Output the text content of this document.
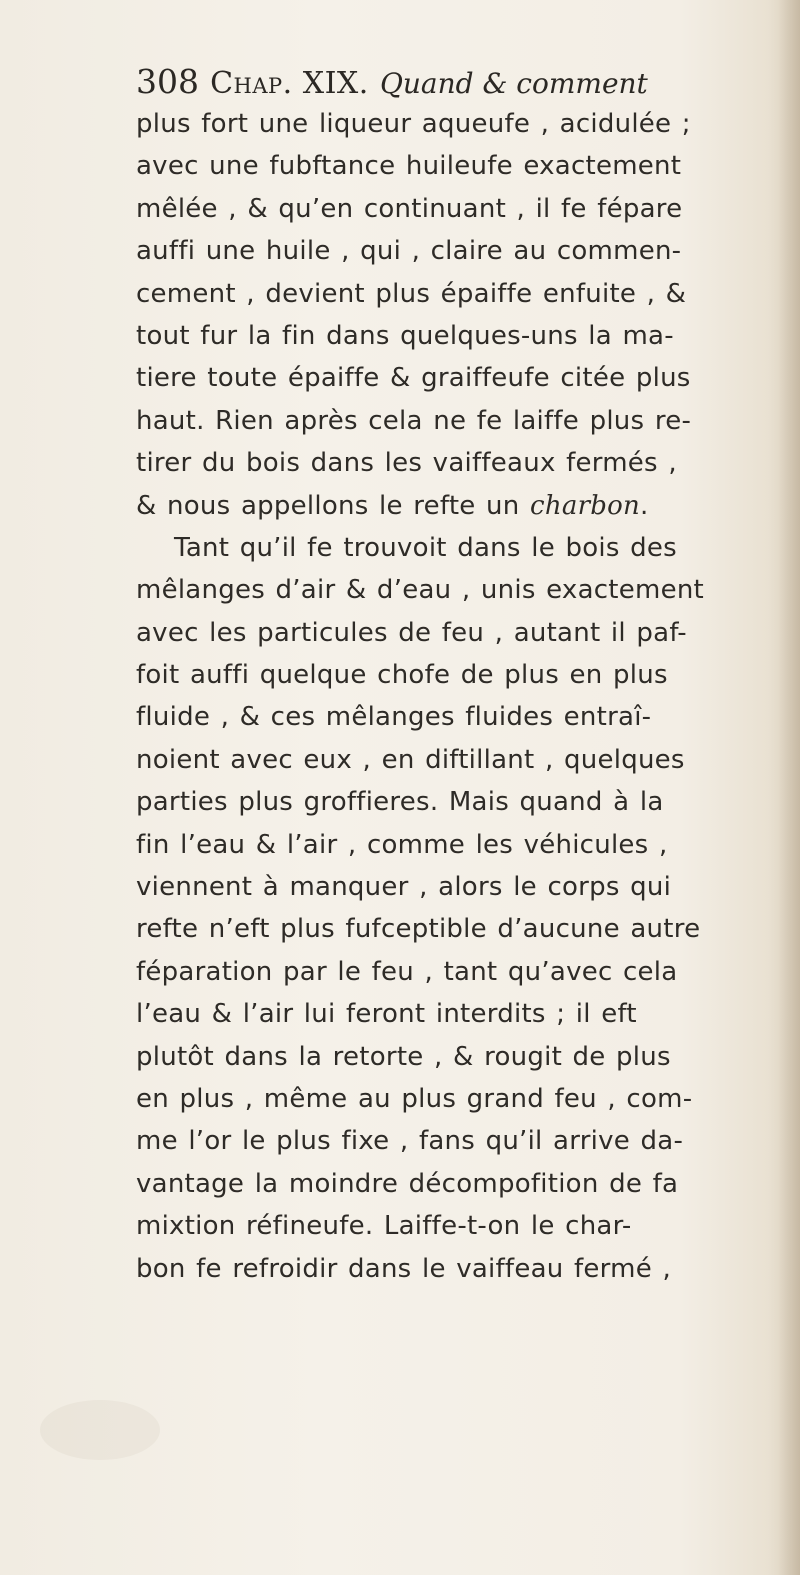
308 Chap. XIX. Quand & comment
plus fort une liqueur aqueufe , acidulée ;
avec une fubftance huileufe exactement
mêlée , & qu’en continuant , il fe fépare
auffi une huile , qui , claire au commen-
cement , devient plus épaiffe enfuite , &
tout fur la fin dans quelques-uns la ma-
tiere toute épaiffe & graiffeufe citée plus
haut. Rien après cela ne fe laiffe plus re-
tirer du bois dans les vaiffeaux fermés ,
& nous appellons le refte un charbon.
Tant qu’il fe trouvoit dans le bois des
mêlanges d’air & d’eau , unis exactement
avec les particules de feu , autant il paf-
foit auffi quelque chofe de plus en plus
fluide , & ces mêlanges fluides entraî-
noient avec eux , en diftillant , quelques
parties plus groffieres. Mais quand à la
fin l’eau & l’air , comme les véhicules ,
viennent à manquer , alors le corps qui
refte n’eft plus fufceptible d’aucune autre
féparation par le feu , tant qu’avec cela
l’eau & l’air lui feront interdits ; il eft
plutôt dans la retorte , & rougit de plus
en plus , même au plus grand feu , com-
me l’or le plus fixe , fans qu’il arrive da-
vantage la moindre décompofition de fa
mixtion réfineufe. Laiffe-t-on le char-
bon fe refroidir dans le vaiffeau fermé ,
